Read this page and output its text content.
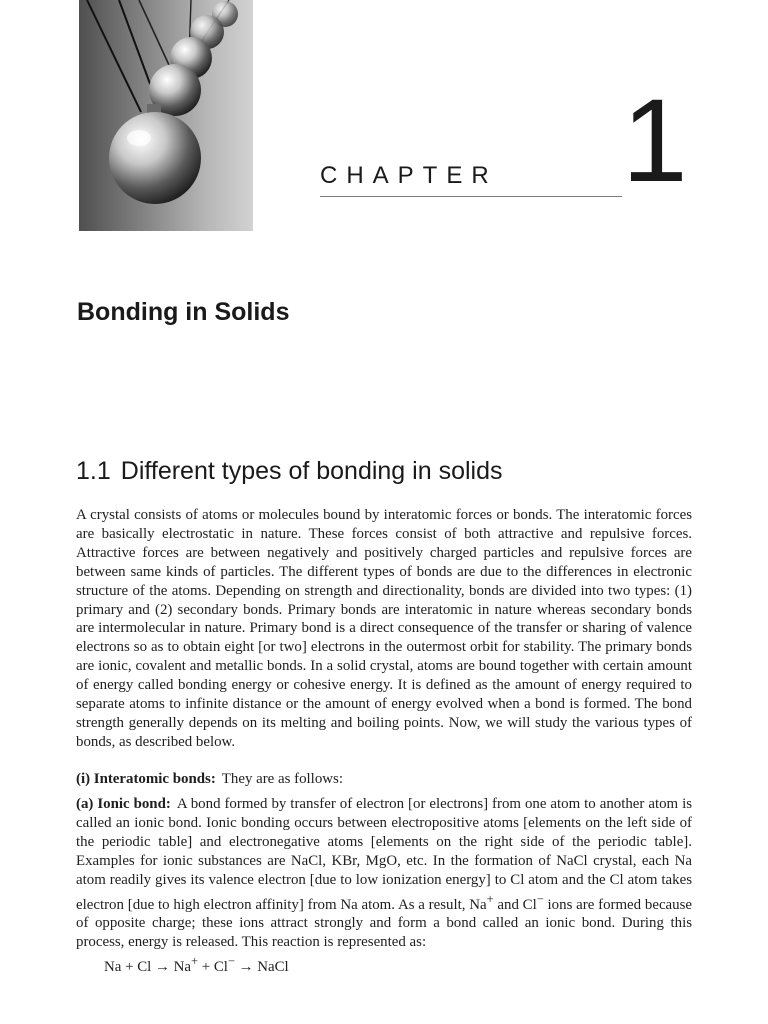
CHAPTER 1
Bonding in Solids
1.1 Different types of bonding in solids

A crystal consists of atoms or molecules bound by interatomic forces or bonds. The interatomic forces are basically electrostatic in nature. These forces consist of both attractive and repulsive forces. Attractive forces are between negatively and positively charged particles and repulsive forces are between same kinds of particles. The different types of bonds are due to the differences in electronic structure of the atoms. Depending on strength and directionality, bonds are divided into two types: (1) primary and (2) secondary bonds. Primary bonds are interatomic in nature whereas secondary bonds are intermolecular in nature. Primary bond is a direct consequence of the transfer or sharing of valence electrons so as to obtain eight [or two] electrons in the outermost orbit for stability. The primary bonds are ionic, covalent and metallic bonds. In a solid crystal, atoms are bound together with certain amount of energy called bonding energy or cohesive energy. It is defined as the amount of energy required to separate atoms to infinite distance or the amount of energy evolved when a bond is formed. The bond strength generally depends on its melting and boiling points. Now, we will study the various types of bonds, as described below.

(i) Interatomic bonds: They are as follows:

(a) Ionic bond: A bond formed by transfer of electron [or electrons] from one atom to another atom is called an ionic bond. Ionic bonding occurs between electropositive atoms [elements on the left side of the periodic table] and electronegative atoms [elements on the right side of the periodic table]. Examples for ionic substances are NaCl, KBr, MgO, etc. In the formation of NaCl crystal, each Na atom readily gives its valence electron [due to low ionization energy] to Cl atom and the Cl atom takes electron [due to high electron affinity] from Na atom. As a result, Na+ and Cl− ions are formed because of opposite charge; these ions attract strongly and form a bond called an ionic bond. During this process, energy is released. This reaction is represented as:

Na + Cl → Na+ + Cl− → NaCl
